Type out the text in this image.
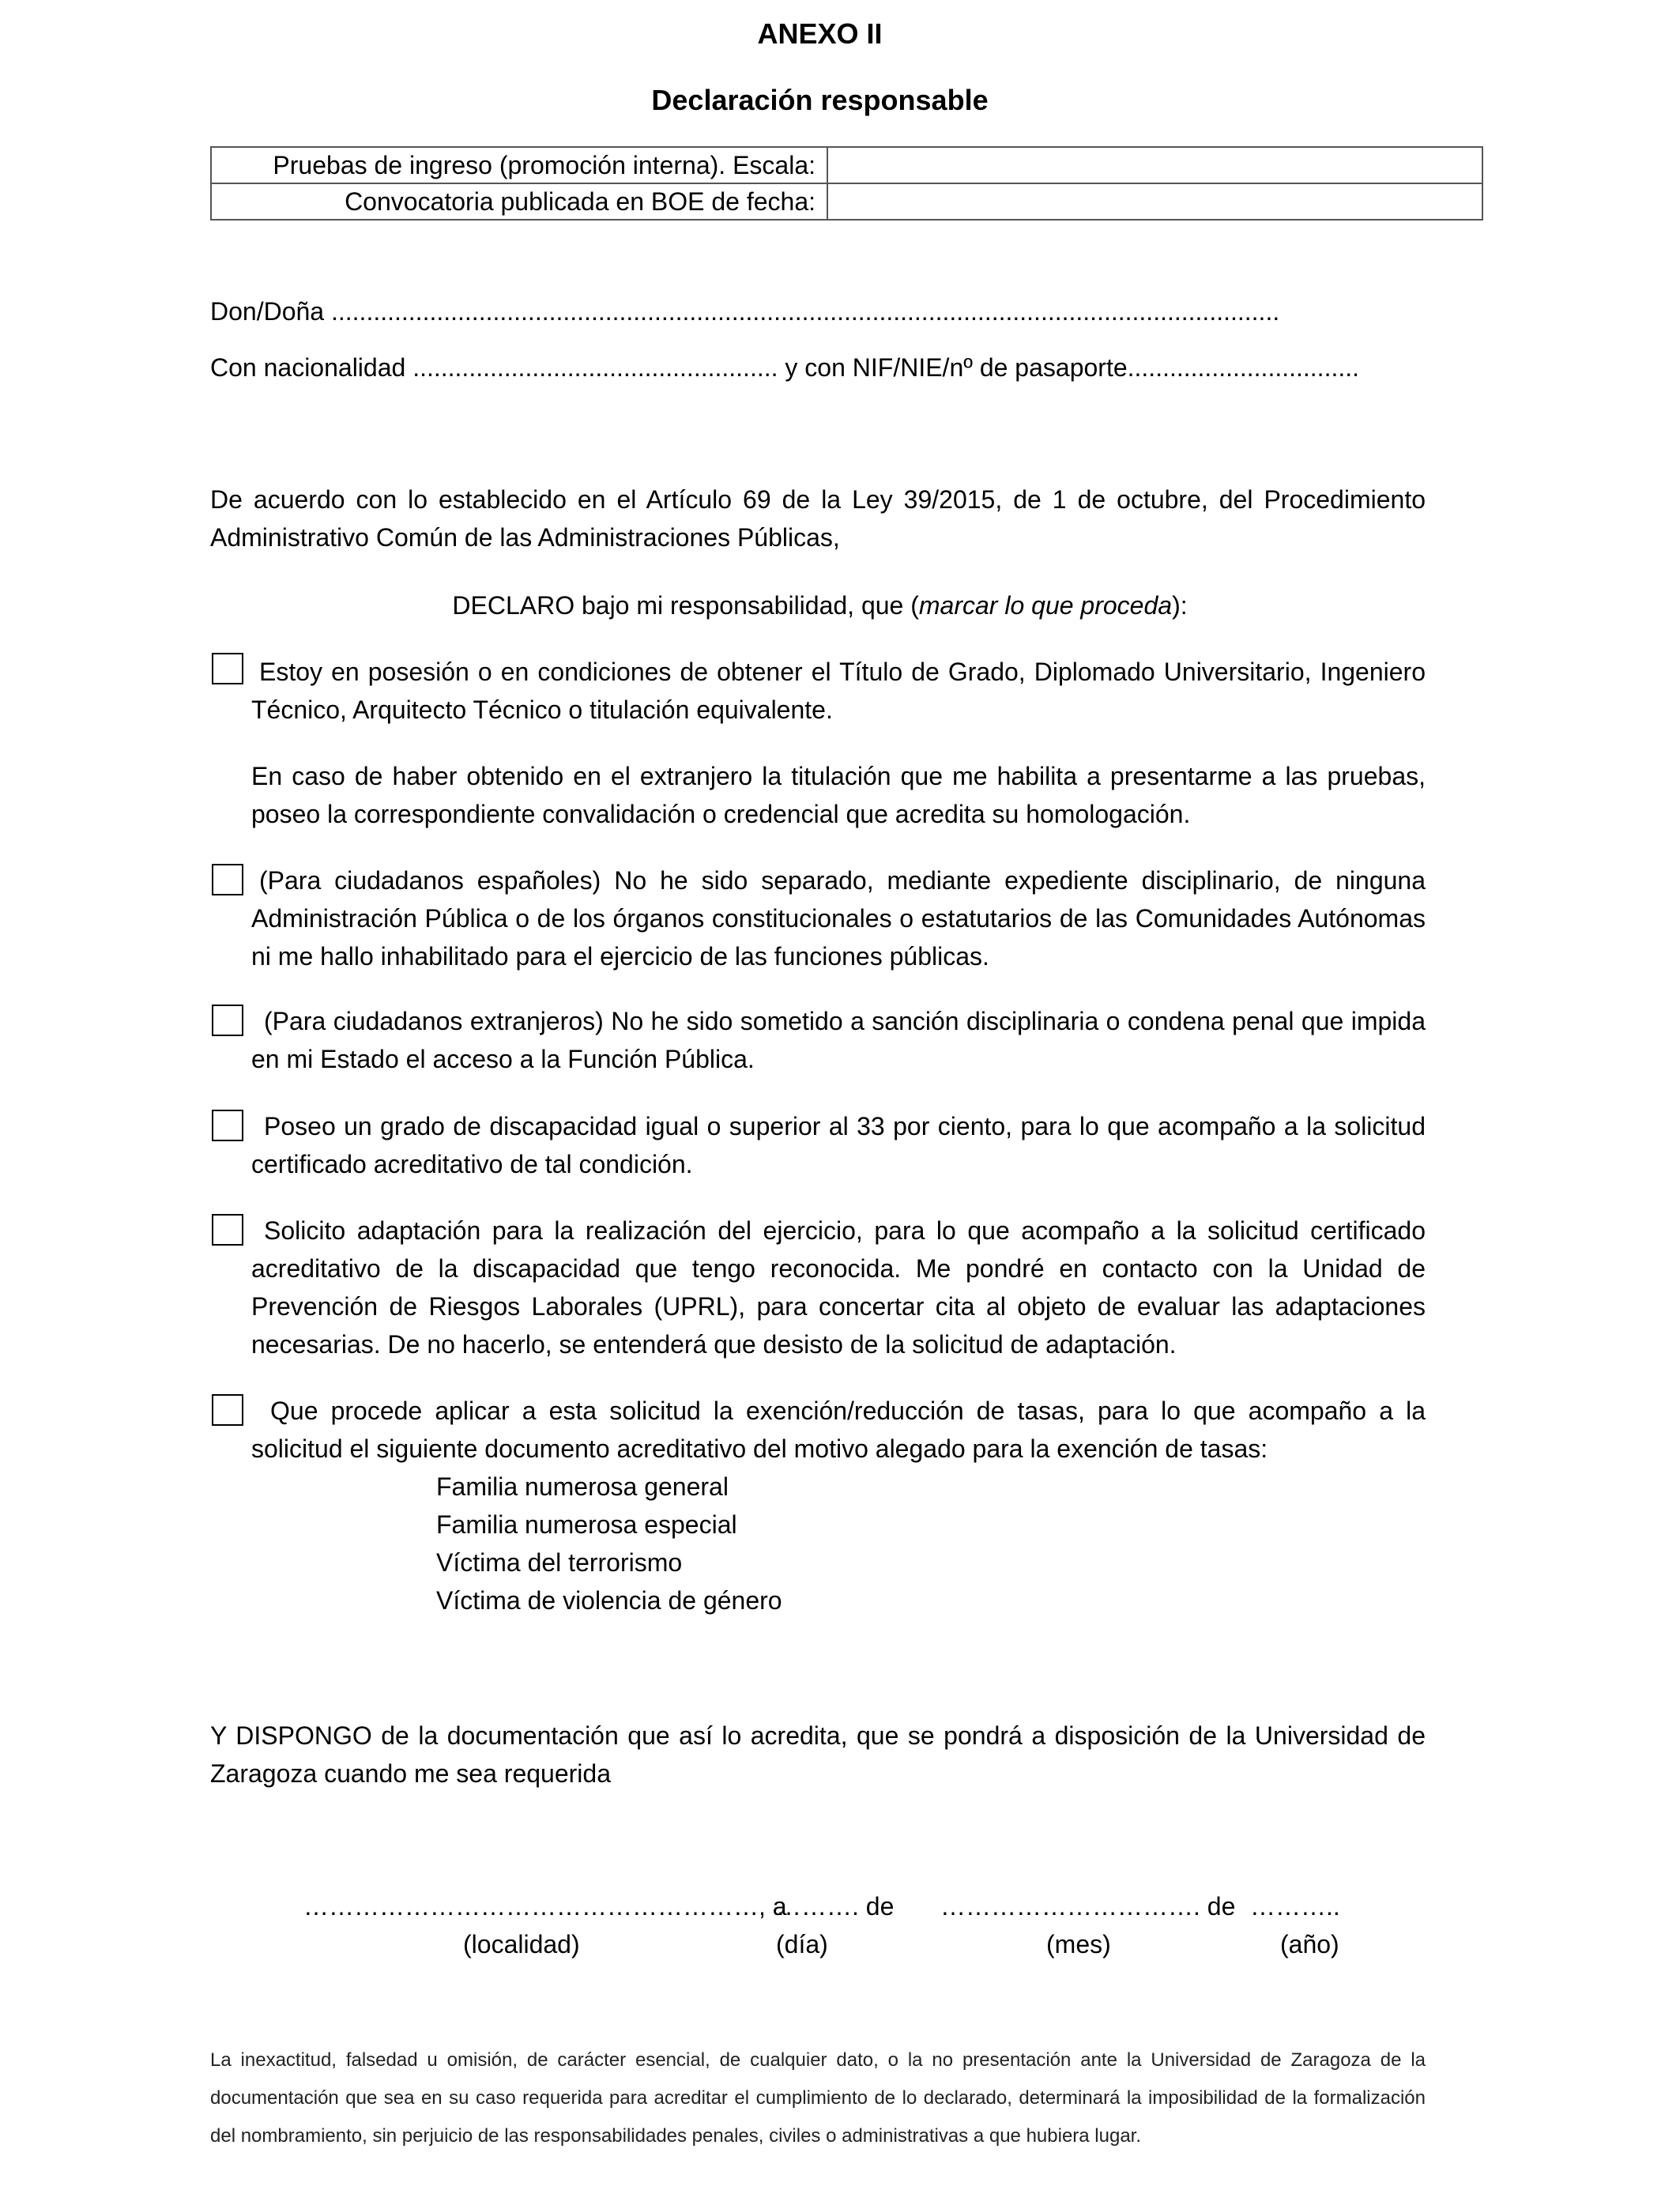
ANEXO II
Declaración responsable
Pruebas de ingreso (promoción interna). Escala:	
Convocatoria publicada en BOE de fecha:	
Don/Doña .......................................................................................................................................
Con nacionalidad .................................................... y con NIF/NIE/nº de pasaporte.................................
De acuerdo con lo establecido en el Artículo 69 de la Ley 39/2015, de 1 de octubre, del Procedimiento Administrativo Común de las Administraciones Públicas,
DECLARO bajo mi responsabilidad, que (marcar lo que proceda):
Estoy en posesión o en condiciones de obtener el Título de Grado, Diplomado Universitario, Ingeniero Técnico, Arquitecto Técnico o titulación equivalente.
En caso de haber obtenido en el extranjero la titulación que me habilita a presentarme a las pruebas, poseo la correspondiente convalidación o credencial que acredita su homologación.
(Para ciudadanos españoles) No he sido separado, mediante expediente disciplinario, de ninguna Administración Pública o de los órganos constitucionales o estatutarios de las Comunidades Autónomas ni me hallo inhabilitado para el ejercicio de las funciones públicas.
(Para ciudadanos extranjeros) No he sido sometido a sanción disciplinaria o condena penal que impida en mi Estado el acceso a la Función Pública.
Poseo un grado de discapacidad igual o superior al 33 por ciento, para lo que acompaño a la solicitud certificado acreditativo de tal condición.
Solicito adaptación para la realización del ejercicio, para lo que acompaño a la solicitud certificado acreditativo de la discapacidad que tengo reconocida. Me pondré en contacto con la Unidad de Prevención de Riesgos Laborales (UPRL), para concertar cita al objeto de evaluar las adaptaciones necesarias. De no hacerlo, se entenderá que desisto de la solicitud de adaptación.
Que procede aplicar a esta solicitud la exención/reducción de tasas, para lo que acompaño a la solicitud el siguiente documento acreditativo del motivo alegado para la exención de tasas:
Familia numerosa general
Familia numerosa especial
Víctima del terrorismo
Víctima de violencia de género
Y DISPONGO de la documentación que así lo acredita, que se pondrá a disposición de la Universidad de Zaragoza cuando me sea requerida
………………………………………………, a
………. de …………………………. de ………..
(localidad)	(día)	(mes)	(año)
La inexactitud, falsedad u omisión, de carácter esencial, de cualquier dato, o la no presentación ante la Universidad de Zaragoza de la documentación que sea en su caso requerida para acreditar el cumplimiento de lo declarado, determinará la imposibilidad de la formalización del nombramiento, sin perjuicio de las responsabilidades penales, civiles o administrativas a que hubiera lugar.
